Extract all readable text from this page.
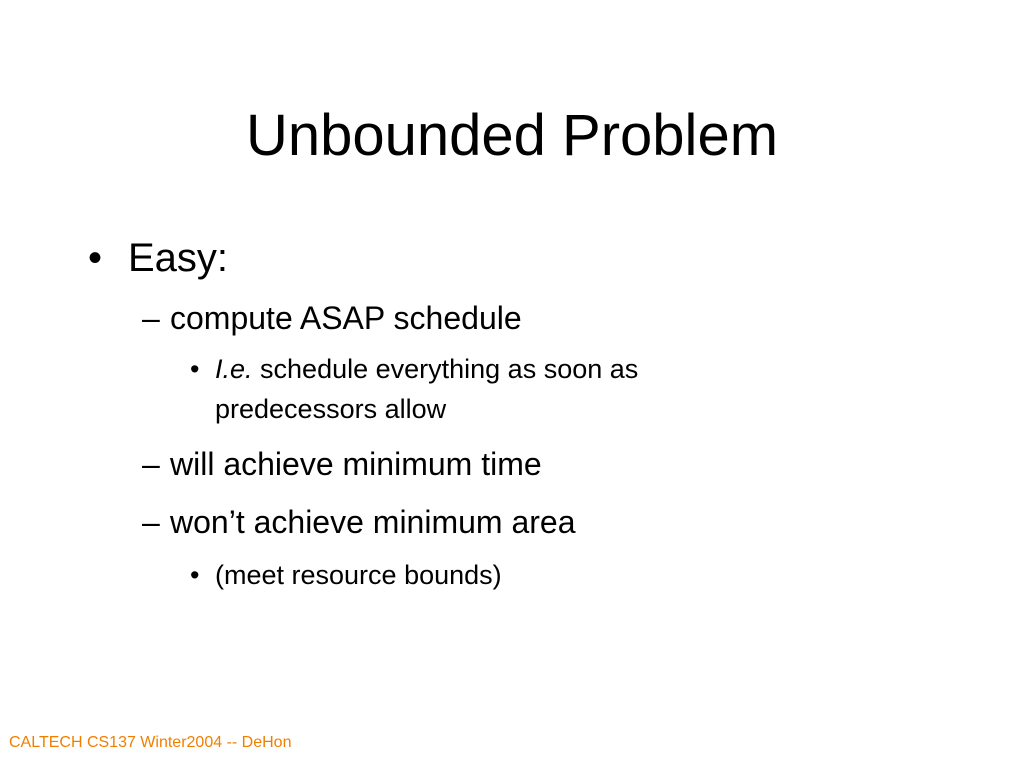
Unbounded Problem
• Easy:
– compute ASAP schedule
• I.e. schedule everything as soon as
predecessors allow
– will achieve minimum time
– won’t achieve minimum area
• (meet resource bounds)
CALTECH CS137 Winter2004 -- DeHon
